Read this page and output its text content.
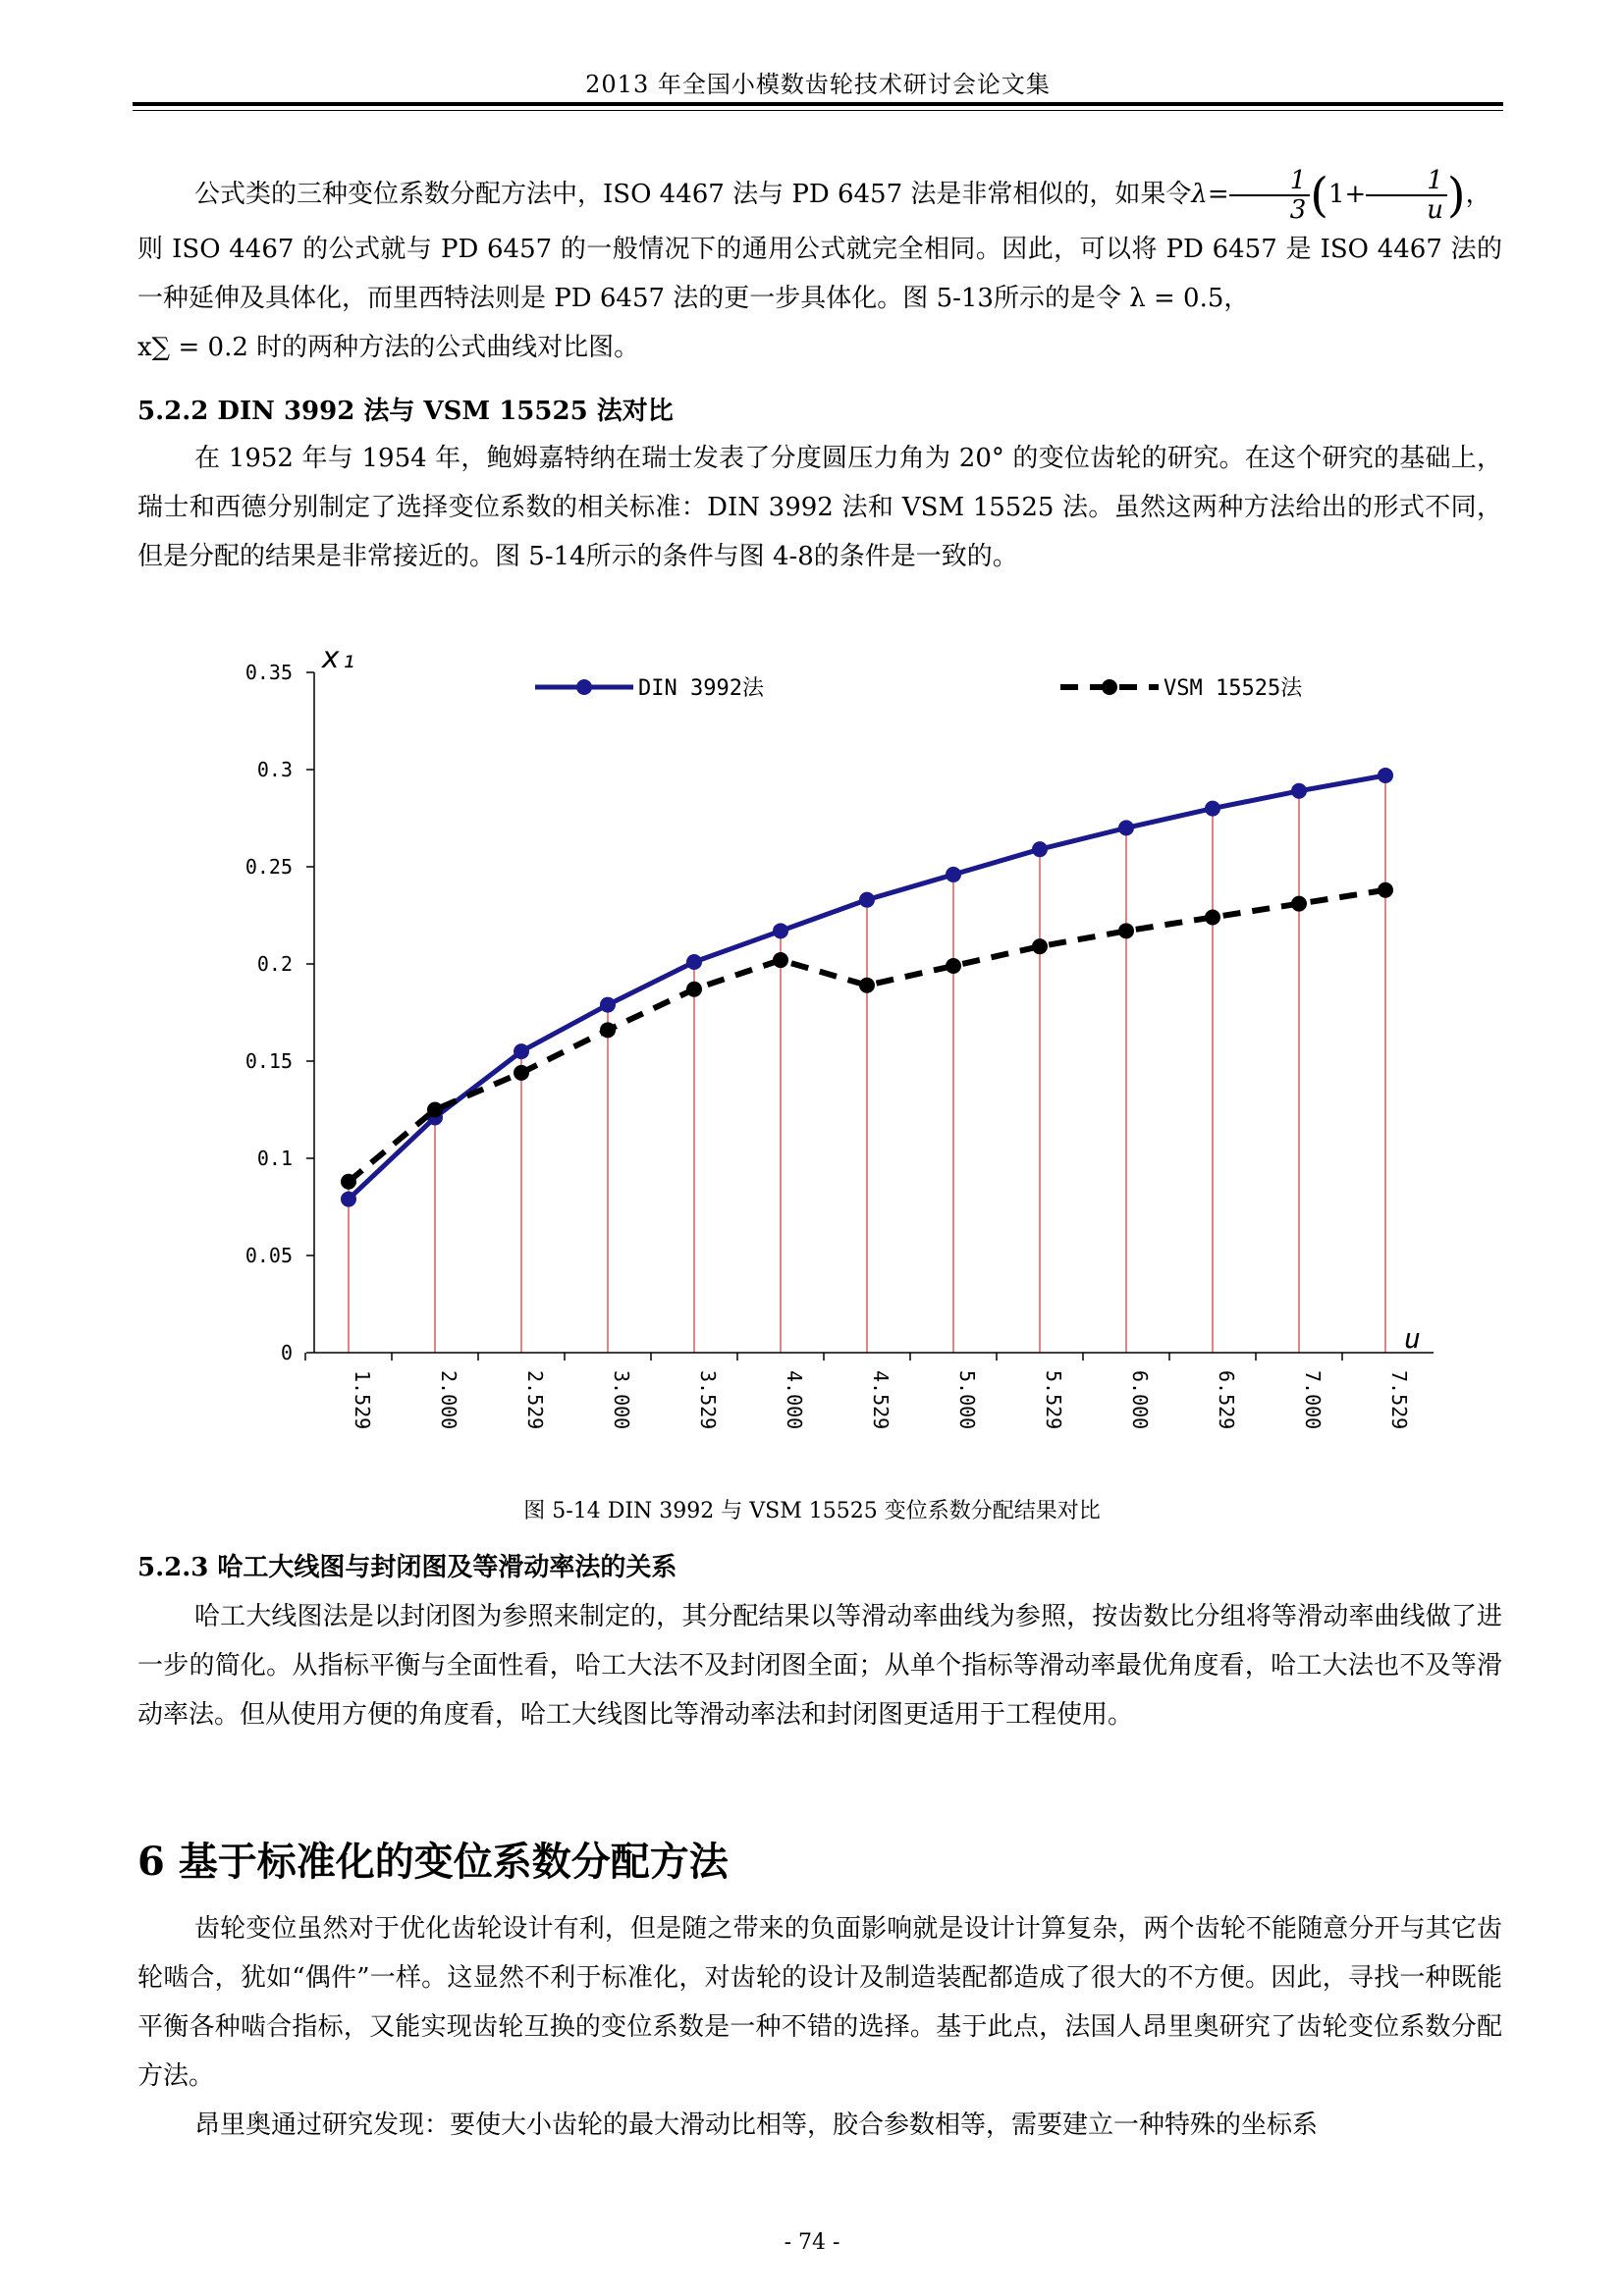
2013 年全国小模数齿轮技术研讨会论文集

公式类的三种变位系数分配方法中，ISO 4467 法与 PD 6457 法是非常相似的，如果令$\lambda= \frac{1}{3} (1+ \frac{1}{u}$ )，

则 ISO 4467 的公式就与 PD 6457 的一般情况下的通用公式就完全相同。因此，可以将 PD 6457 是 ISO 4467 法的一种延伸及具体化，而里西特法则是 PD 6457 法的更一步具体化。图 5-13所示的是令 λ = 0.5，

x∑ = 0.2 时的两种方法的公式曲线对比图。

5.2.2 DIN 3992 法与 VSM 15525 法对比

在 1952 年与 1954 年，鲍姆嘉特纳在瑞士发表了分度圆压力角为 20° 的变位齿轮的研究。在这个研究的基础上，瑞士和西德分别制定了选择变位系数的相关标准：DIN 3992 法和 VSM 15525 法。虽然这两种方法给出的形式不同，但是分配的结果是非常接近的。图 5-14所示的条件与图 4-8的条件是一致的。

0
0.05
0.1
0.15
0.2
0.25
0.3
0.35
1.529	2.000	2.529	3.000	3.529	4.000	4.529	5.000	5.529	6.000	6.529	7.000	7.529
x₁
u
DIN 3992法	VSM 15525法
图 5-14 DIN 3992 与 VSM 15525 变位系数分配结果对比
5.2.3 哈工大线图与封闭图及等滑动率法的关系

哈工大线图法是以封闭图为参照来制定的，其分配结果以等滑动率曲线为参照，按齿数比分组将等滑动率曲线做了进一步的简化。从指标平衡与全面性看，哈工大法不及封闭图全面；从单个指标等滑动率最优角度看，哈工大法也不及等滑动率法。但从使用方便的角度看，哈工大线图比等滑动率法和封闭图更适用于工程使用。

6 基于标准化的变位系数分配方法

齿轮变位虽然对于优化齿轮设计有利，但是随之带来的负面影响就是设计计算复杂，两个齿轮不能随意分开与其它齿轮啮合，犹如“偶件”一样。这显然不利于标准化，对齿轮的设计及制造装配都造成了很大的不方便。因此，寻找一种既能平衡各种啮合指标，又能实现齿轮互换的变位系数是一种不错的选择。基于此点，法国人昂里奥研究了齿轮变位系数分配方法。

昂里奥通过研究发现：要使大小齿轮的最大滑动比相等，胶合参数相等，需要建立一种特殊的坐标系

- 74 -
